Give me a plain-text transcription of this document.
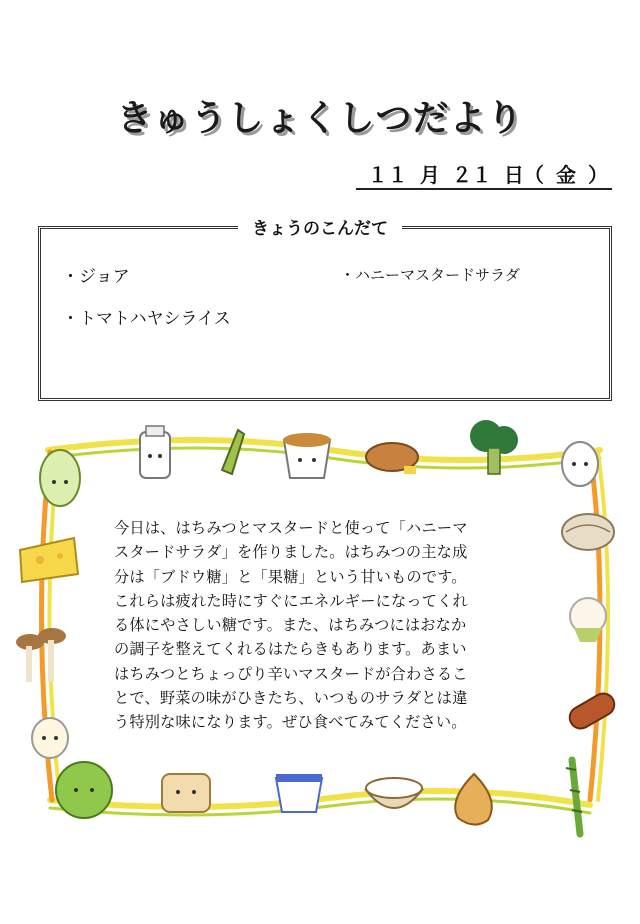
きゅうしょくしつだより
１１ 月 ２１ 日（ 金 ）
きょうのこんだて
・ジョア
・トマトハヤシライス
・ハニーマスタードサラダ

今日は、はちみつとマスタードと使って「ハニーマ

スタードサラダ」を作りました。はちみつの主な成

分は「ブドウ糖」と「果糖」という甘いものです。

これらは疲れた時にすぐにエネルギーになってくれ

る体にやさしい糖です。また、はちみつにはおなか

の調子を整えてくれるはたらきもあります。あまい

はちみつとちょっぴり辛いマスタードが合わさるこ

とで、野菜の味がひきたち、いつものサラダとは違

う特別な味になります。ぜひ食べてみてください。
